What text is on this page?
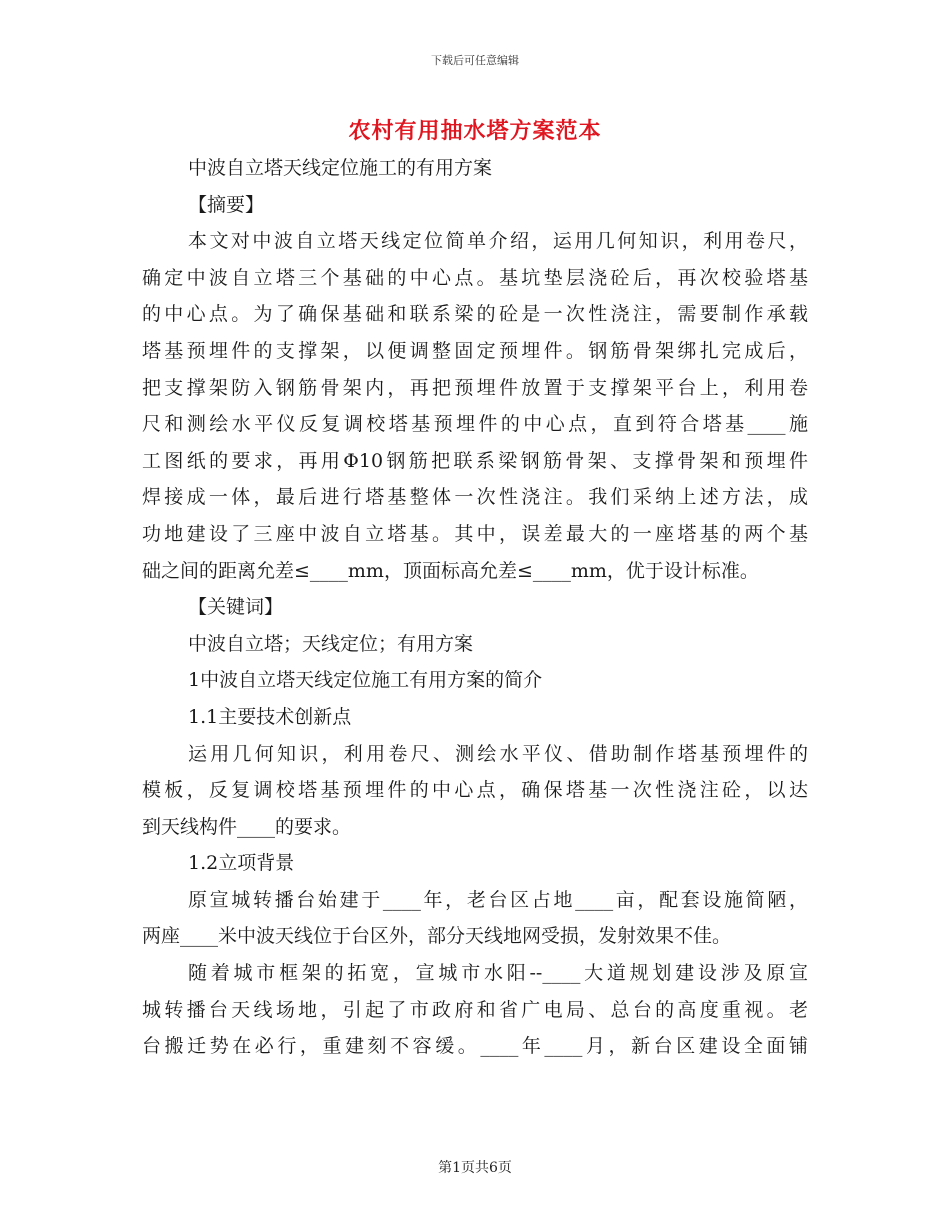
下载后可任意编辑
农村有用抽水塔方案范本
中波自立塔天线定位施工的有用方案
【摘要】
本文对中波自立塔天线定位简单介绍，运用几何知识，利用卷尺，
确定中波自立塔三个基础的中心点。基坑垫层浇砼后，再次校验塔基
的中心点。为了确保基础和联系梁的砼是一次性浇注，需要制作承载
塔基预埋件的支撑架，以便调整固定预埋件。钢筋骨架绑扎完成后，
把支撑架防入钢筋骨架内，再把预埋件放置于支撑架平台上，利用卷
尺和测绘水平仪反复调校塔基预埋件的中心点，直到符合塔基____施
工图纸的要求，再用Φ10钢筋把联系梁钢筋骨架、支撑骨架和预埋件
焊接成一体，最后进行塔基整体一次性浇注。我们采纳上述方法，成
功地建设了三座中波自立塔基。其中，误差最大的一座塔基的两个基
础之间的距离允差≤____mm，顶面标高允差≤____mm，优于设计标准。
【关键词】
中波自立塔；天线定位；有用方案
1中波自立塔天线定位施工有用方案的简介
1.1主要技术创新点
运用几何知识，利用卷尺、测绘水平仪、借助制作塔基预埋件的
模板，反复调校塔基预埋件的中心点，确保塔基一次性浇注砼，以达
到天线构件____的要求。
1.2立项背景
原宣城转播台始建于____年，老台区占地____亩，配套设施简陋，
两座____米中波天线位于台区外，部分天线地网受损，发射效果不佳。
随着城市框架的拓宽，宣城市水阳--____大道规划建设涉及原宣
城转播台天线场地，引起了市政府和省广电局、总台的高度重视。老
台搬迁势在必行，重建刻不容缓。____年____月，新台区建设全面铺
第1页共6页
